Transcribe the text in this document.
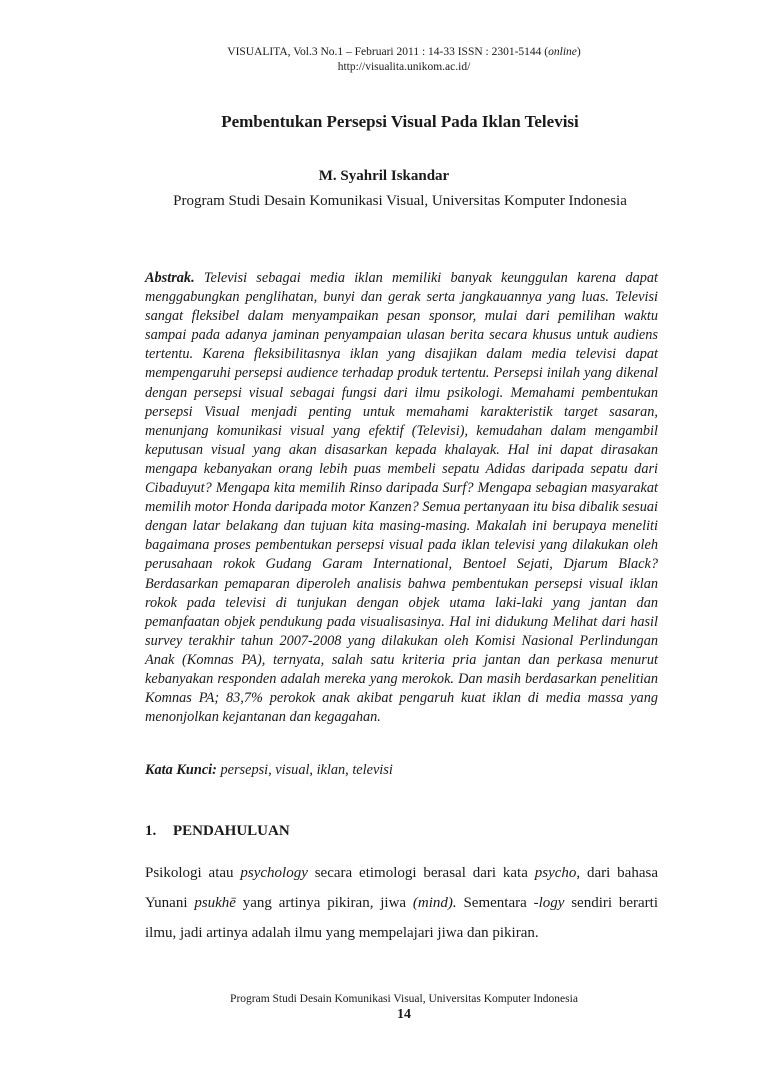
VISUALITA, Vol.3 No.1 – Februari 2011 : 14-33 ISSN : 2301-5144 (online)
http://visualita.unikom.ac.id/
Pembentukan Persepsi Visual Pada Iklan Televisi
M. Syahril Iskandar
Program Studi Desain Komunikasi Visual, Universitas Komputer Indonesia

Abstrak. Televisi sebagai media iklan memiliki banyak keunggulan karena dapat menggabungkan penglihatan, bunyi dan gerak serta jangkauannya yang luas. Televisi sangat fleksibel dalam menyampaikan pesan sponsor, mulai dari pemilihan waktu sampai pada adanya jaminan penyampaian ulasan berita secara khusus untuk audiens tertentu. Karena fleksibilitasnya iklan yang disajikan dalam media televisi dapat mempengaruhi persepsi audience terhadap produk tertentu. Persepsi inilah yang dikenal dengan persepsi visual sebagai fungsi dari ilmu psikologi. Memahami pembentukan persepsi Visual menjadi penting untuk memahami karakteristik target sasaran, menunjang komunikasi visual yang efektif (Televisi), kemudahan dalam mengambil keputusan visual yang akan disasarkan kepada khalayak. Hal ini dapat dirasakan mengapa kebanyakan orang lebih puas membeli sepatu Adidas daripada sepatu dari Cibaduyut? Mengapa kita memilih Rinso daripada Surf? Mengapa sebagian masyarakat memilih motor Honda daripada motor Kanzen? Semua pertanyaan itu bisa dibalik sesuai dengan latar belakang dan tujuan kita masing-masing. Makalah ini berupaya meneliti bagaimana proses pembentukan persepsi visual pada iklan televisi yang dilakukan oleh perusahaan rokok Gudang Garam International, Bentoel Sejati, Djarum Black? Berdasarkan pemaparan diperoleh analisis bahwa pembentukan persepsi visual iklan rokok pada televisi di tunjukan dengan objek utama laki-laki yang jantan dan pemanfaatan objek pendukung pada visualisasinya. Hal ini didukung Melihat dari hasil survey terakhir tahun 2007-2008 yang dilakukan oleh Komisi Nasional Perlindungan Anak (Komnas PA), ternyata, salah satu kriteria pria jantan dan perkasa menurut kebanyakan responden adalah mereka yang merokok. Dan masih berdasarkan penelitian Komnas PA; 83,7% perokok anak akibat pengaruh kuat iklan di media massa yang menonjolkan kejantanan dan kegagahan.

Kata Kunci: persepsi, visual, iklan, televisi

1. PENDAHULUAN

Psikologi atau psychology secara etimologi berasal dari kata psycho, dari bahasa Yunani psukhē yang artinya pikiran, jiwa (mind). Sementara -logy sendiri berarti ilmu, jadi artinya adalah ilmu yang mempelajari jiwa dan pikiran.

Program Studi Desain Komunikasi Visual, Universitas Komputer Indonesia
14
